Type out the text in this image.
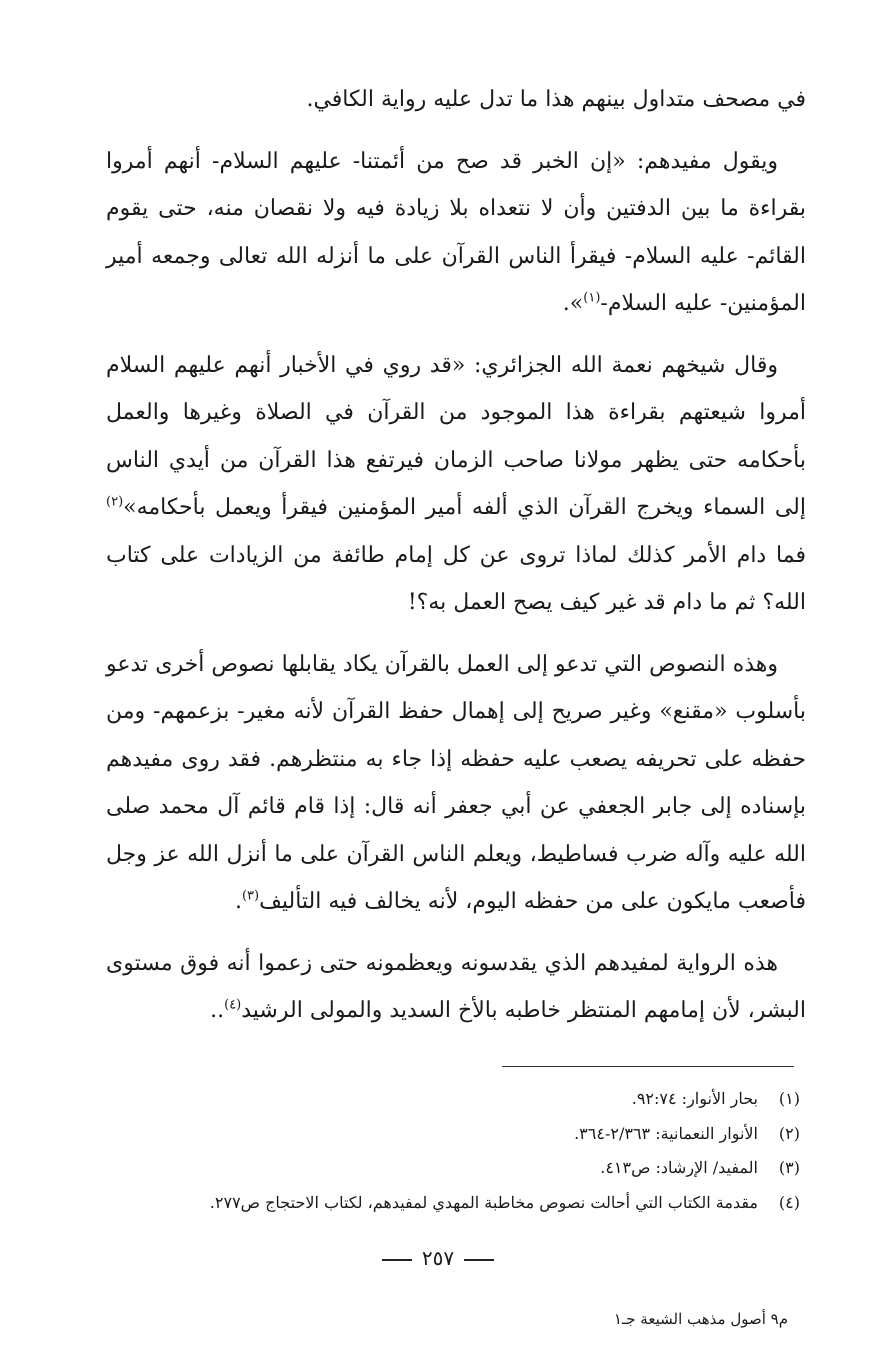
في مصحف متداول بينهم هذا ما تدل عليه رواية الكافي.

ويقول مفيدهم: «إن الخبر قد صح من أئمتنا- عليهم السلام- أنهم أمروا بقراءة ما بين الدفتين وأن لا نتعداه بلا زيادة فيه ولا نقصان منه، حتى يقوم القائم- عليه السلام- فيقرأ الناس القرآن على ما أنزله الله تعالى وجمعه أمير المؤمنين- عليه السلام-$^{(١)}$».

وقال شيخهم نعمة الله الجزائري: «قد روي في الأخبار أنهم عليهم السلام أمروا شيعتهم بقراءة هذا الموجود من القرآن في الصلاة وغيرها والعمل بأحكامه حتى يظهر مولانا صاحب الزمان فيرتفع هذا القرآن من أيدي الناس إلى السماء ويخرج القرآن الذي ألفه أمير المؤمنين فيقرأ ويعمل بأحكامه»$^{(٢)}$ فما دام الأمر كذلك لماذا تروى عن كل إمام طائفة من الزيادات على كتاب الله؟ ثم ما دام قد غير كيف يصح العمل به؟!

وهذه النصوص التي تدعو إلى العمل بالقرآن يكاد يقابلها نصوص أخرى تدعو بأسلوب «مقنع» وغير صريح إلى إهمال حفظ القرآن لأنه مغير- بزعمهم- ومن حفظه على تحريفه يصعب عليه حفظه إذا جاء به منتظرهم. فقد روى مفيدهم بإسناده إلى جابر الجعفي عن أبي جعفر أنه قال: إذا قام قائم آل محمد صلى الله عليه وآله ضرب فساطيط، ويعلم الناس القرآن على ما أنزل الله عز وجل فأصعب مايكون على من حفظه اليوم، لأنه يخالف فيه التأليف$^{(٣)}$.

هذه الرواية لمفيدهم الذي يقدسونه ويعظمونه حتى زعموا أنه فوق مستوى البشر، لأن إمامهم المنتظر خاطبه بالأخ السديد والمولى الرشيد$^{(٤)}$..

(١)
بحار الأنوار: ٩٢:٧٤.
(٢)
الأنوار النعمانية: ٢/٣٦٣-٣٦٤.
(٣)
المفيد/ الإرشاد: ص٤١٣.
(٤)
مقدمة الكتاب التي أحالت نصوص مخاطبة المهدي لمفيدهم، لكتاب الاحتجاج ص٢٧٧.
٢٥٧
م٩ أصول مذهب الشيعة جـ١
